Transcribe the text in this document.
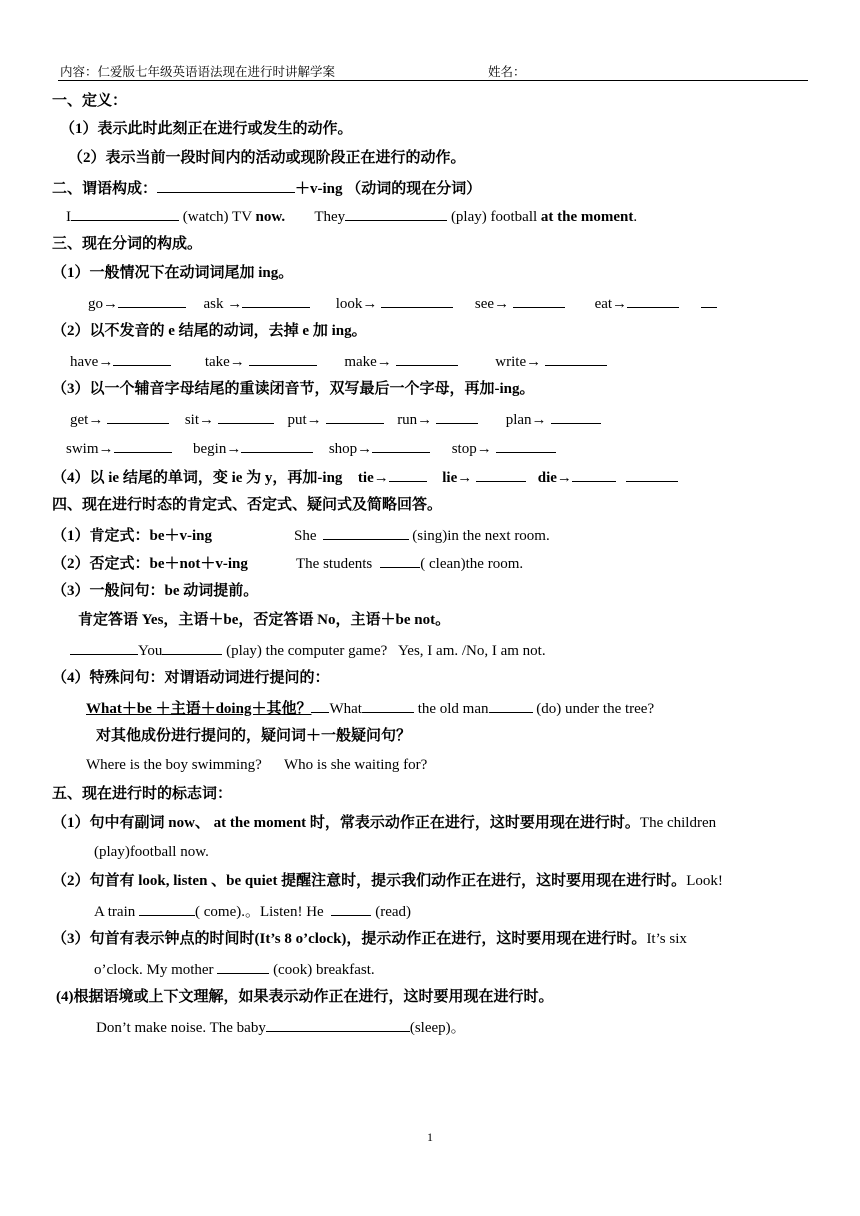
内容：仁爱版七年级英语语法现在进行时讲解学案	姓名：
一、定义：
（1）表示此时此刻正在进行或发生的动作。
（2）表示当前一段时间内的活动或现阶段正在进行的动作。
二、谓语构成：	＋v-ing （动词的现在分词）
I	(watch) TV now. They	(play) football at the moment.
三、现在分词的构成。
（1）一般情况下在动词词尾加 ing。
go→	ask →	look→	see→	eat→
（2）以不发音的 e 结尾的动词，去掉 e 加 ing。
have→	take→	make→	write→
（3）以一个辅音字母结尾的重读闭音节，双写最后一个字母，再加-ing。
get→	sit→	put→	run→	plan→
swim→	begin→	shop→	stop→
（4）以 ie 结尾的单词，变 ie 为 y，再加-ing tie→	lie→	die→
四、现在进行时态的肯定式、否定式、疑问式及简略回答。
（1）肯定式：be＋v-ing	She	(sing)in the next room.
（2）否定式：be＋not＋v-ing	The students	( clean)the room.
（3）一般问句：be 动词提前。
肯定答语 Yes，主语＋be，否定答语 No，主语＋be not。
You	(play) the computer game?   Yes, I am. /No, I am not.
（4）特殊问句：对谓语动词进行提问的：
What＋be ＋主语＋doing＋其他？ What	the old man	(do) under the tree?
对其他成份进行提问的，疑问词＋一般疑问句？
Where is the boy swimming?      Who is she waiting for?
五、现在进行时的标志词：
（1）句中有副词 now、 at the moment 时，常表示动作正在进行，这时要用现在进行时。The children
(play)football now.
（2）句首有 look, listen 、be quiet 提醒注意时，提示我们动作正在进行，这时要用现在进行时。Look!
A train	( come).。Listen! He	(read)
（3）句首有表示钟点的时间时(It’s 8 o’clock)，提示动作正在进行，这时要用现在进行时。It’s six
o’clock. My mother	(cook) breakfast.
(4)根据语境或上下文理解，如果表示动作正在进行，这时要用现在进行时。
Don’t make noise. The baby	(sleep)。
1
